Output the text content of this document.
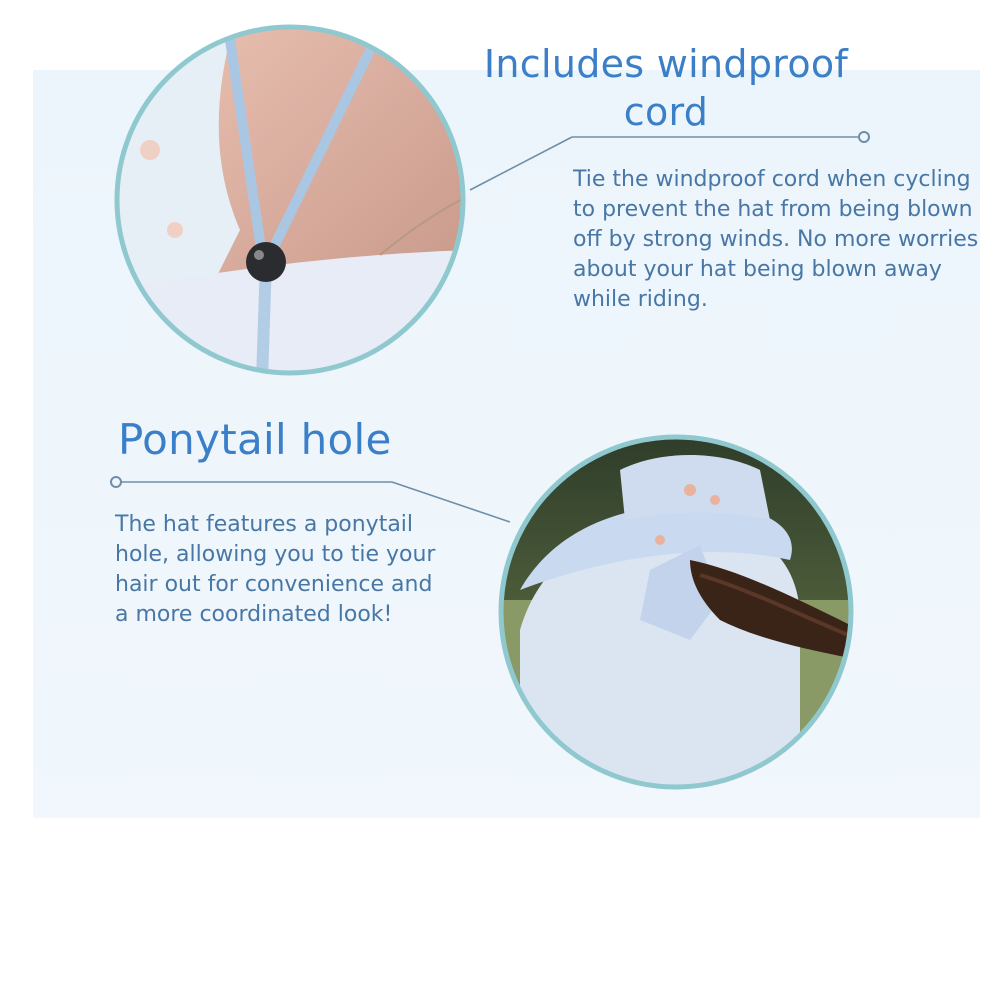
Includes windproof cord

Tie the windproof cord when cycling to prevent the hat from being blown off by strong winds. No more worries about your hat being blown away while riding.

Ponytail hole

The hat features a ponytail hole, allowing you to tie your hair out for convenience and a more coordinated look!
